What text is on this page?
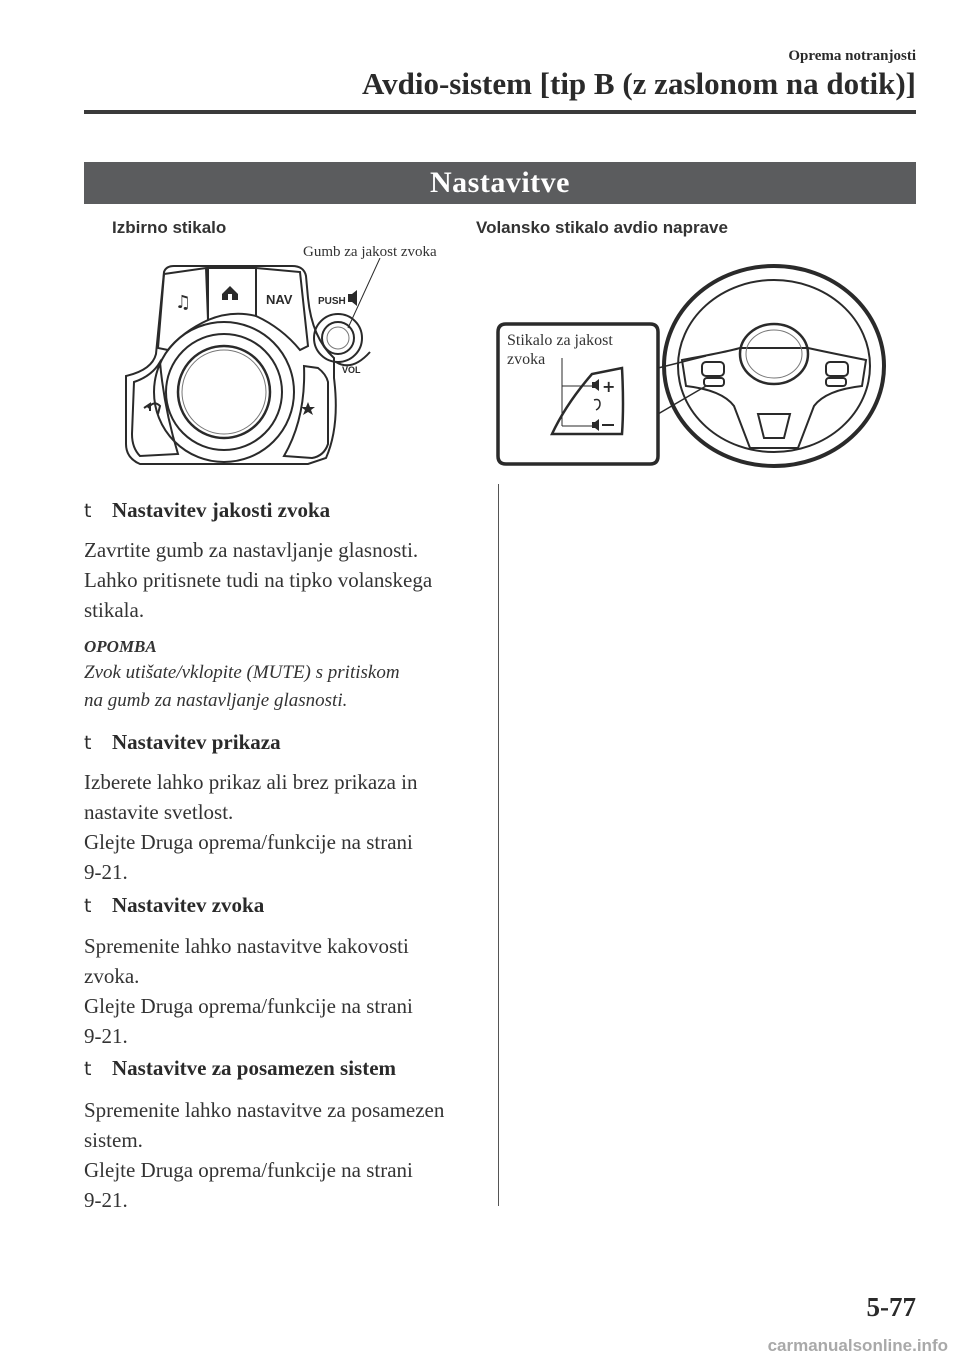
Oprema notranjosti
Avdio-sistem [tip B (z zaslonom na dotik)]
Nastavitve
Izbirno stikalo	Volansko stikalo avdio naprave
Gumb za jakost zvoka
Stikalo za jakost
zvoka
♫	NAV	PUSH
VOL
+
t Nastavitev jakosti zvoka
Zavrtite gumb za nastavljanje glasnosti.
Lahko pritisnete tudi na tipko volanskega
stikala.
OPOMBA
Zvok utišate/vklopite (MUTE) s pritiskom
na gumb za nastavljanje glasnosti.
t Nastavitev prikaza
Izberete lahko prikaz ali brez prikaza in
nastavite svetlost.
Glejte Druga oprema/funkcije na strani
9-21.
t Nastavitev zvoka
Spremenite lahko nastavitve kakovosti
zvoka.
Glejte Druga oprema/funkcije na strani
9-21.
t Nastavitve za posamezen sistem
Spremenite lahko nastavitve za posamezen
sistem.
Glejte Druga oprema/funkcije na strani
9-21.
5-77
carmanualsonline.info
